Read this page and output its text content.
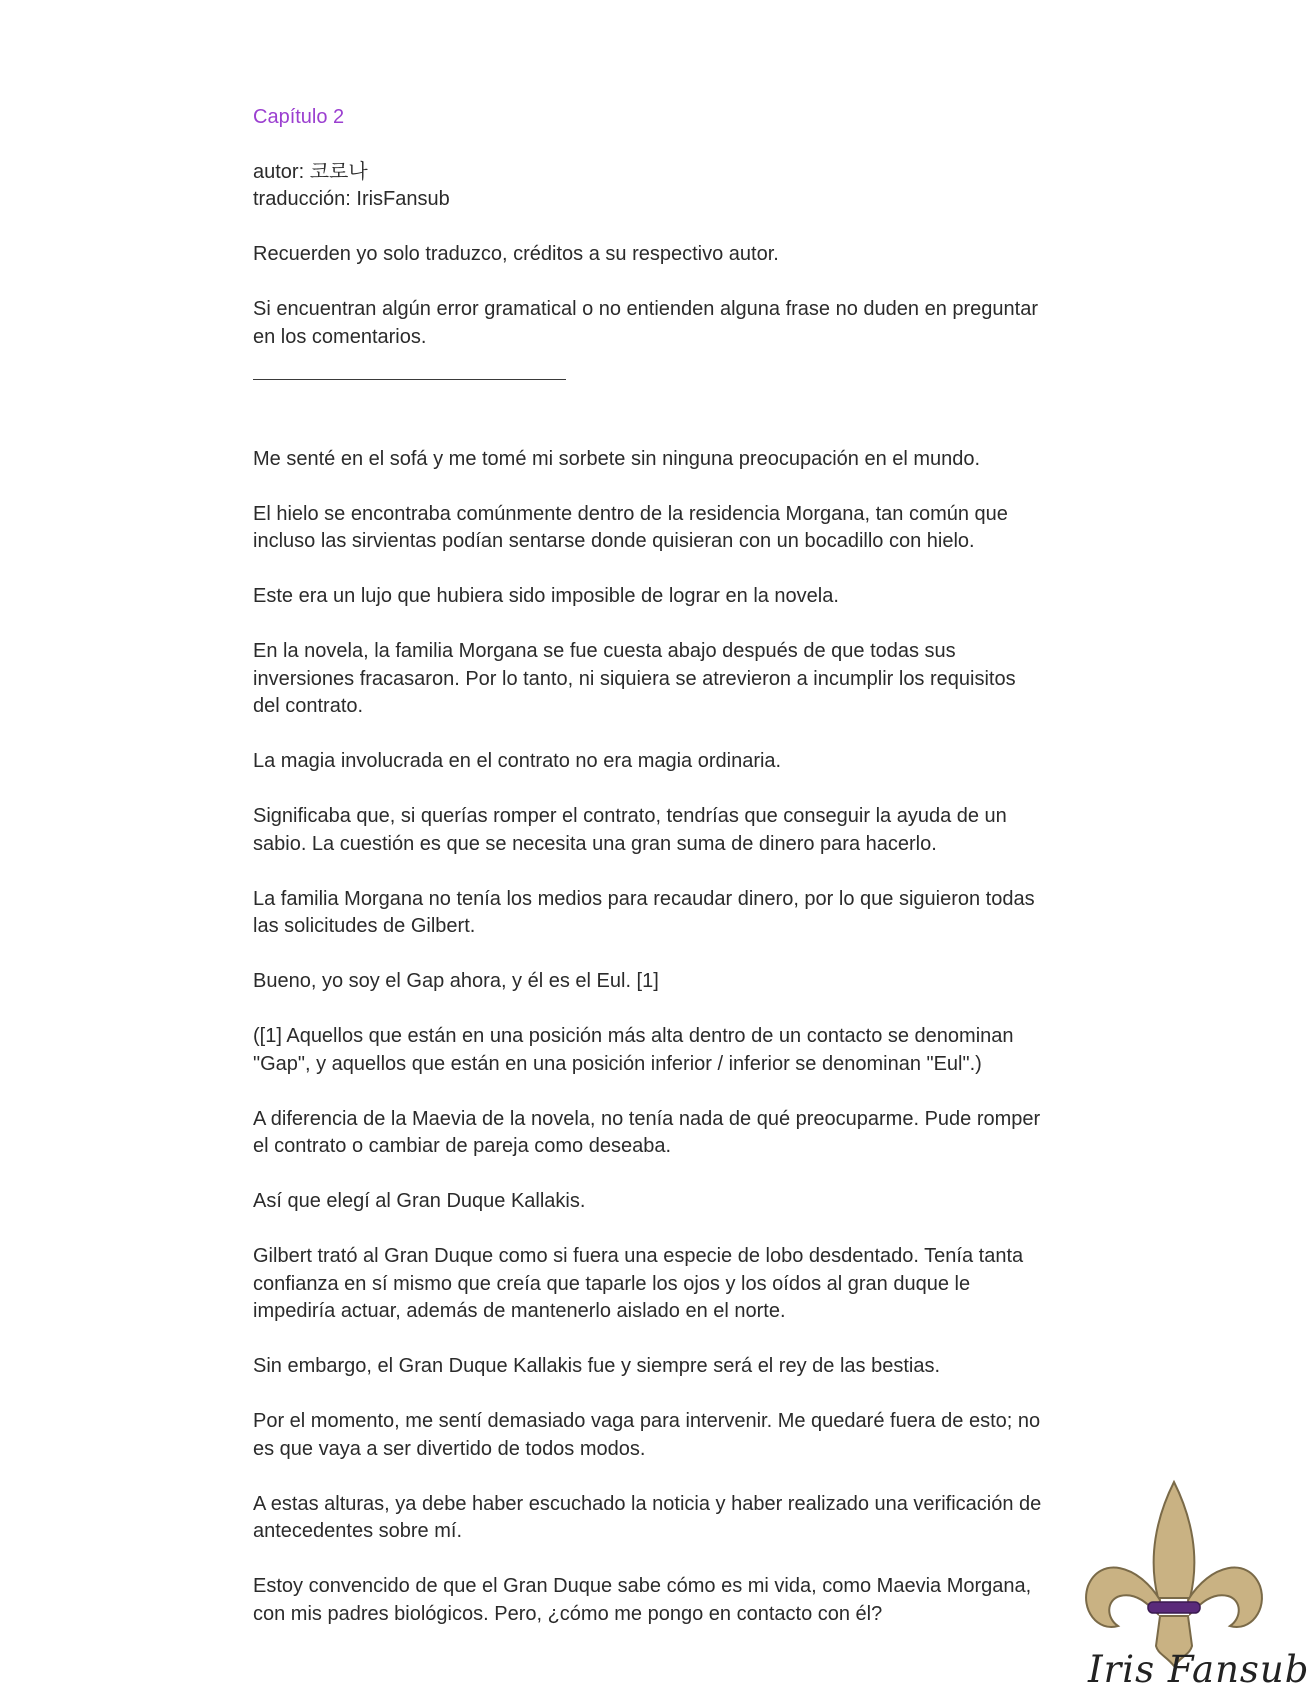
Capítulo 2

autor: 코로나

traducción: IrisFansub

Recuerden yo solo traduzco, créditos a su respectivo autor.

Si encuentran algún error gramatical o no entienden alguna frase no duden en preguntar en los comentarios.

Me senté en el sofá y me tomé mi sorbete sin ninguna preocupación en el mundo.

El hielo se encontraba comúnmente dentro de la residencia Morgana, tan común que incluso las sirvientas podían sentarse donde quisieran con un bocadillo con hielo.

Este era un lujo que hubiera sido imposible de lograr en la novela.

En la novela, la familia Morgana se fue cuesta abajo después de que todas sus inversiones fracasaron. Por lo tanto, ni siquiera se atrevieron a incumplir los requisitos del contrato.

La magia involucrada en el contrato no era magia ordinaria.

Significaba que, si querías romper el contrato, tendrías que conseguir la ayuda de un sabio. La cuestión es que se necesita una gran suma de dinero para hacerlo.

La familia Morgana no tenía los medios para recaudar dinero, por lo que siguieron todas las solicitudes de Gilbert.

Bueno, yo soy el Gap ahora, y él es el Eul. [1]

([1] Aquellos que están en una posición más alta dentro de un contacto se denominan "Gap", y aquellos que están en una posición inferior / inferior se denominan "Eul".)

A diferencia de la Maevia de la novela, no tenía nada de qué preocuparme. Pude romper el contrato o cambiar de pareja como deseaba.

Así que elegí al Gran Duque Kallakis.

Gilbert trató al Gran Duque como si fuera una especie de lobo desdentado. Tenía tanta confianza en sí mismo que creía que taparle los ojos y los oídos al gran duque le impediría actuar, además de mantenerlo aislado en el norte.

Sin embargo, el Gran Duque Kallakis fue y siempre será el rey de las bestias.

Por el momento, me sentí demasiado vaga para intervenir. Me quedaré fuera de esto; no es que vaya a ser divertido de todos modos.

A estas alturas, ya debe haber escuchado la noticia y haber realizado una verificación de antecedentes sobre mí.

Estoy convencido de que el Gran Duque sabe cómo es mi vida, como Maevia Morgana, con mis padres biológicos. Pero, ¿cómo me pongo en contacto con él?

Iris Fansub
